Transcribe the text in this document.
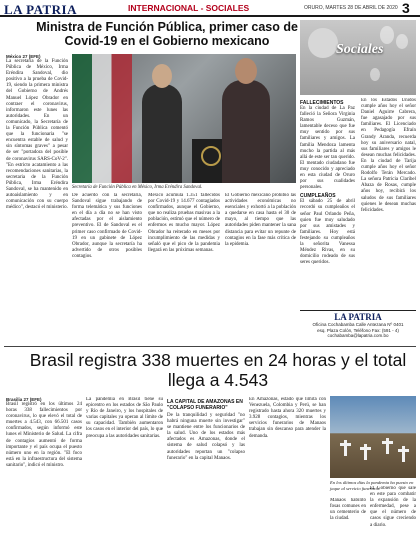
LA PATRIA	INTERNACIONAL - SOCIALES	ORURO, MARTES 28 DE ABRIL DE 2020 3
Ministra de Función Pública, primer caso de Covid-19 en el Gobierno mexicano
México 27 (EFE)

La secretaria de la Función Pública de México, Irma Eréndira Sandoval, dio positivo a la prueba de Covid-19, siendo la primera ministra del Gobierno de Andrés Manuel López Obrador en contraer el coronavirus, informaron este lunes las autoridades. En un comunicado, la Secretaría de la Función Pública comentó que la funcionaria "se encuentra estable de salud y sin síntomas graves" a pesar de ser "portadora del posible de coronavirus SARS-CoV-2". "En estricto acatamiento a las recomendaciones sanitarias, la secretaria de la Función Pública, Irma Eréndira Sandoval, se ha mantenido en autoaislamiento y en comunicación con su cuerpo médico", destacó el ministerio.

Secretaria de Función Pública en México, Irma Eréndira Sandoval.

De acuerdo con la secretaría, Sandoval sigue trabajando de forma telemática y sus funciones en el día a día no se han visto afectadas por el aislamiento preventivo. El de Sandoval es el primer caso confirmado de Covid-19 en un gabinete de López Obrador, aunque la secretaría ha advertido de otros posibles contagios.

México acumula 1.351 fallecidos por Covid-19 y 14.677 contagiados confirmados, aunque el Gobierno, que no realiza pruebas masivas a la población, estimó que el número de enfermos es mucho mayor. López Obrador ha reiterado en meses por incumplimiento de las medidas y señaló que el pico de la pandemia llegará en las próximas semanas.

El Gobierno mexicano prohibió las actividades económicas no esenciales y exhortó a la población a quedarse en casa hasta el 30 de mayo, al tiempo que las autoridades piden mantener la sana distancia para evitar un repunte de contagios en la fase más crítica de la epidemia.

Sociales
FALLECIMIENTOS

En la ciudad de La Paz falleció la Señora Virginia Ramos Guzmán, lamentable deceso que fue muy sentido por sus familiares y amigos. La familia Mendoza lamenta mucho la partida al más allá de este ser tan querido. El mentado ciudadano fue muy conocido y apreciado en esta ciudad de Oruro por sus cualidades personales.

CUMPLEAÑOS

El sábado 25 de abril recordó su cumpleaños el señor Paul Orlando Peña, quien fue muy saludado por sus amistades y familiares. Hoy está festejando su cumpleaños la señorita Vanessa Méndez Rivas, en su domicilio rodeado de sus seres queridos.

En los Estados Unidos cumple años hoy el señor Daniel Aguirre Cabrera, fue agasajado por sus familiares. El Licenciado en Pedagogía Efraín Grandy Aranda, recuerda hoy su aniversario natal, sus familiares y amigos le desean muchas felicidades. En la ciudad de Tarija cumple años hoy el señor Rodolfo Terán Mercado. La señora Patricia Claribel Abaza de Rosas, cumple años hoy, recibirá los saludos de sus familiares quienes le desean muchas felicidades.

LA PATRIA
Oficina Cochabamba Calle Antezana Nº 0401
esq. Plaza Colón, Teléfono Fax: (591 - 4)
cochabamba@lapatria.com.bo
Brasil registra 338 muertes en 24 horas y el total llega a 4.543
Brasilia 27 (EFE)

Brasil registró en los últimos 24 horas 338 fallecimientos por coronavirus, lo que elevó el total de muertes a 4.543, con 66.501 casos confirmados, según informó este lunes el Ministerio de Salud. La cifra de contagios aumentó de forma importante y el país ocupa el puesto número uno en la región. "El foco está en la infraestructura del sistema sanitario", indicó el ministro.

La pandemia en Brasil tiene su epicentro en los estados de São Paulo y Río de Janeiro, y los hospitales de varias capitales ya operan al límite de su capacidad. También aumentaron los casos en el interior del país, lo que preocupa a las autoridades sanitarias.

LA CAPITAL DE AMAZONAS EN "COLAPSO FUNERARIO"

De la tranquilidad y seguridad "no habrá ninguna muerte sin investigar" se mantiene entre los funcionarios de la salud. Uno de los estados más afectados es Amazonas, donde el sistema de salud colapsó y las autoridades reportan un "colapso funerario" en la capital Manaos.

En Amazonas, estado que limita con Venezuela, Colombia y Perú, se han registrado hasta ahora 320 muertes y 3.928 contagios, mientras los servicios funerarios de Manaos trabajan sin descanso para atender la demanda.

En los últimos días la pandemia ha puesto en jaque al servicio funerario.

Manaos habilitó fosas comunes en un cementerio de la ciudad.

El Gobierno que sale en este para combatir la expansión de la enfermedad, pese a que el número de casos sigue creciendo a diario.
